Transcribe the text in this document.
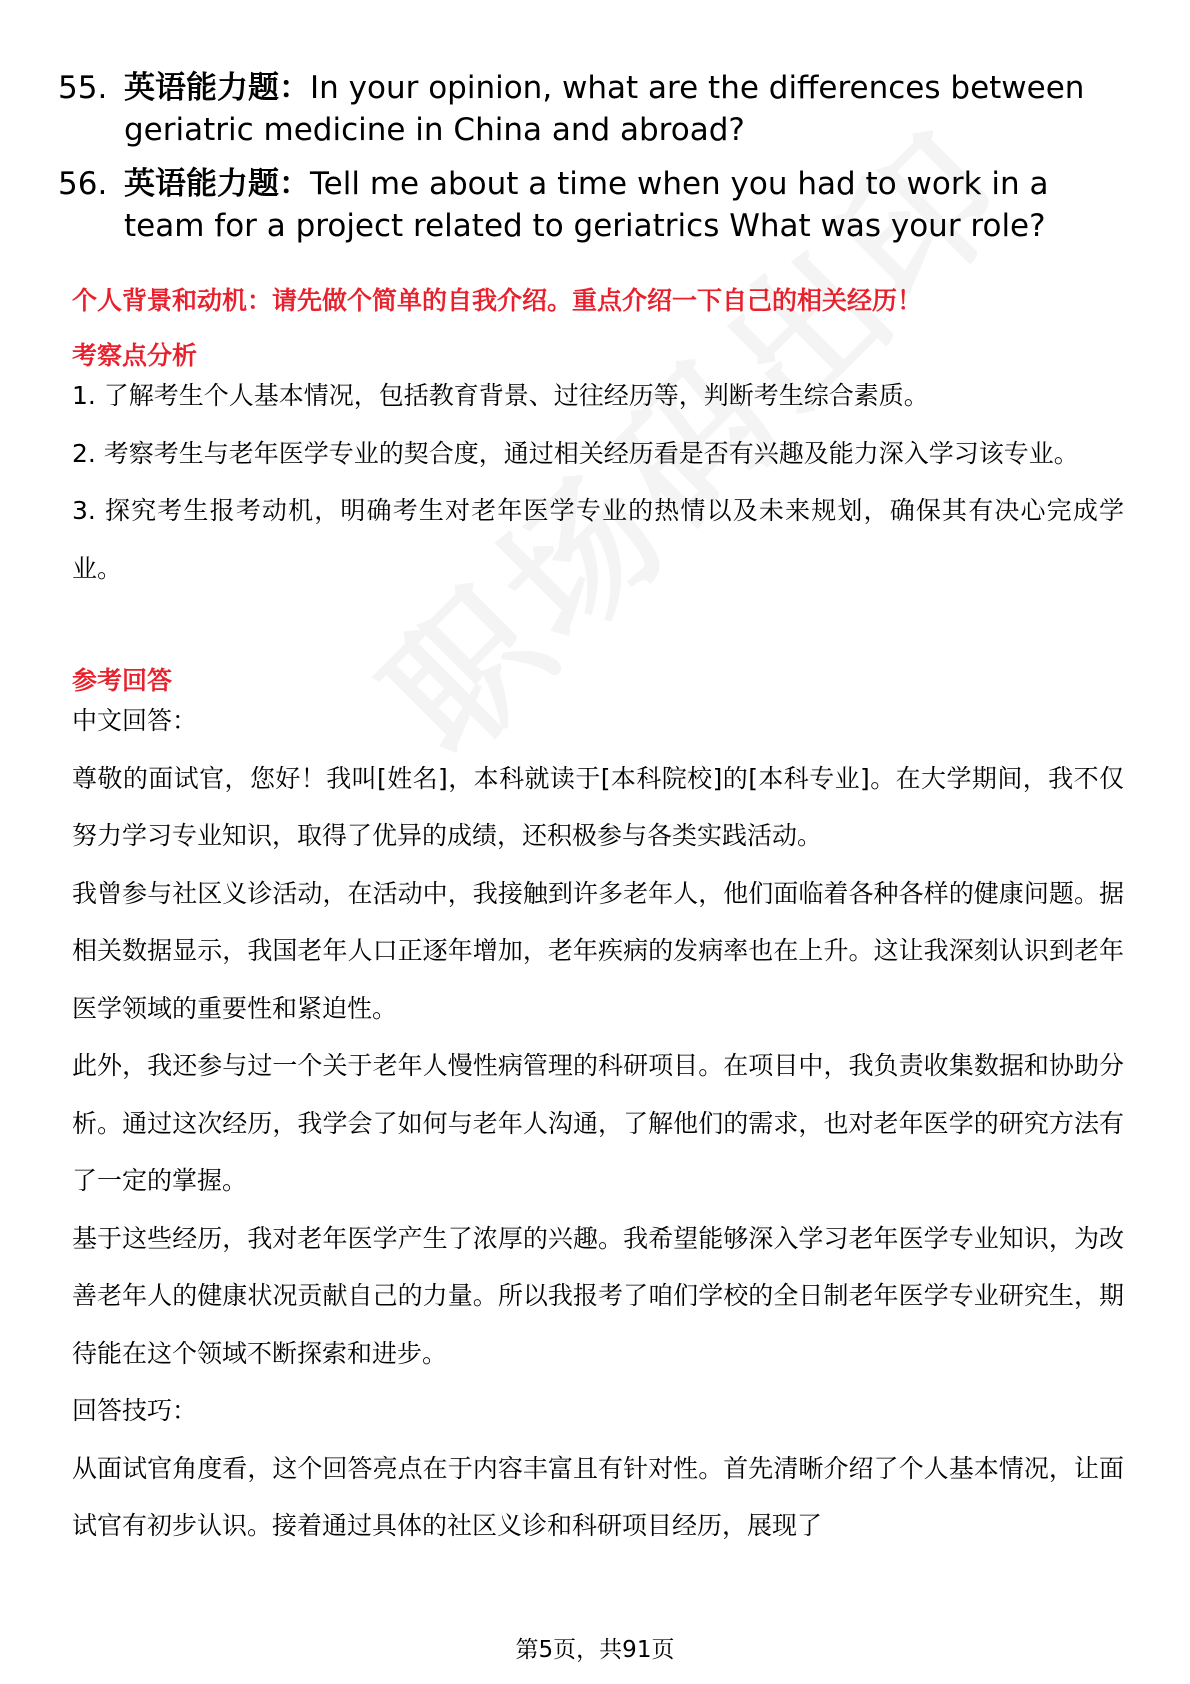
55. 英语能力题：In your opinion, what are the differences between geriatric medicine in China and abroad?
56. 英语能力题：Tell me about a time when you had to work in a team for a project related to geriatrics What was your role?
个人背景和动机：请先做个简单的自我介绍。重点介绍一下自己的相关经历！
考察点分析
1. 了解考生个人基本情况，包括教育背景、过往经历等，判断考生综合素质。
2. 考察考生与老年医学专业的契合度，通过相关经历看是否有兴趣及能力深入学习该专业。
3. 探究考生报考动机，明确考生对老年医学专业的热情以及未来规划，确保其有决心完成学业。
参考回答
中文回答：
尊敬的面试官，您好！我叫[姓名]，本科就读于[本科院校]的[本科专业]。在大学期间，我不仅努力学习专业知识，取得了优异的成绩，还积极参与各类实践活动。
我曾参与社区义诊活动，在活动中，我接触到许多老年人，他们面临着各种各样的健康问题。据相关数据显示，我国老年人口正逐年增加，老年疾病的发病率也在上升。这让我深刻认识到老年医学领域的重要性和紧迫性。
此外，我还参与过一个关于老年人慢性病管理的科研项目。在项目中，我负责收集数据和协助分析。通过这次经历，我学会了如何与老年人沟通，了解他们的需求，也对老年医学的研究方法有了一定的掌握。
基于这些经历，我对老年医学产生了浓厚的兴趣。我希望能够深入学习老年医学专业知识，为改善老年人的健康状况贡献自己的力量。所以我报考了咱们学校的全日制老年医学专业研究生，期待能在这个领域不断探索和进步。
回答技巧：
从面试官角度看，这个回答亮点在于内容丰富且有针对性。首先清晰介绍了个人基本情况，让面试官有初步认识。接着通过具体的社区义诊和科研项目经历，展现了
第5页，共91页
